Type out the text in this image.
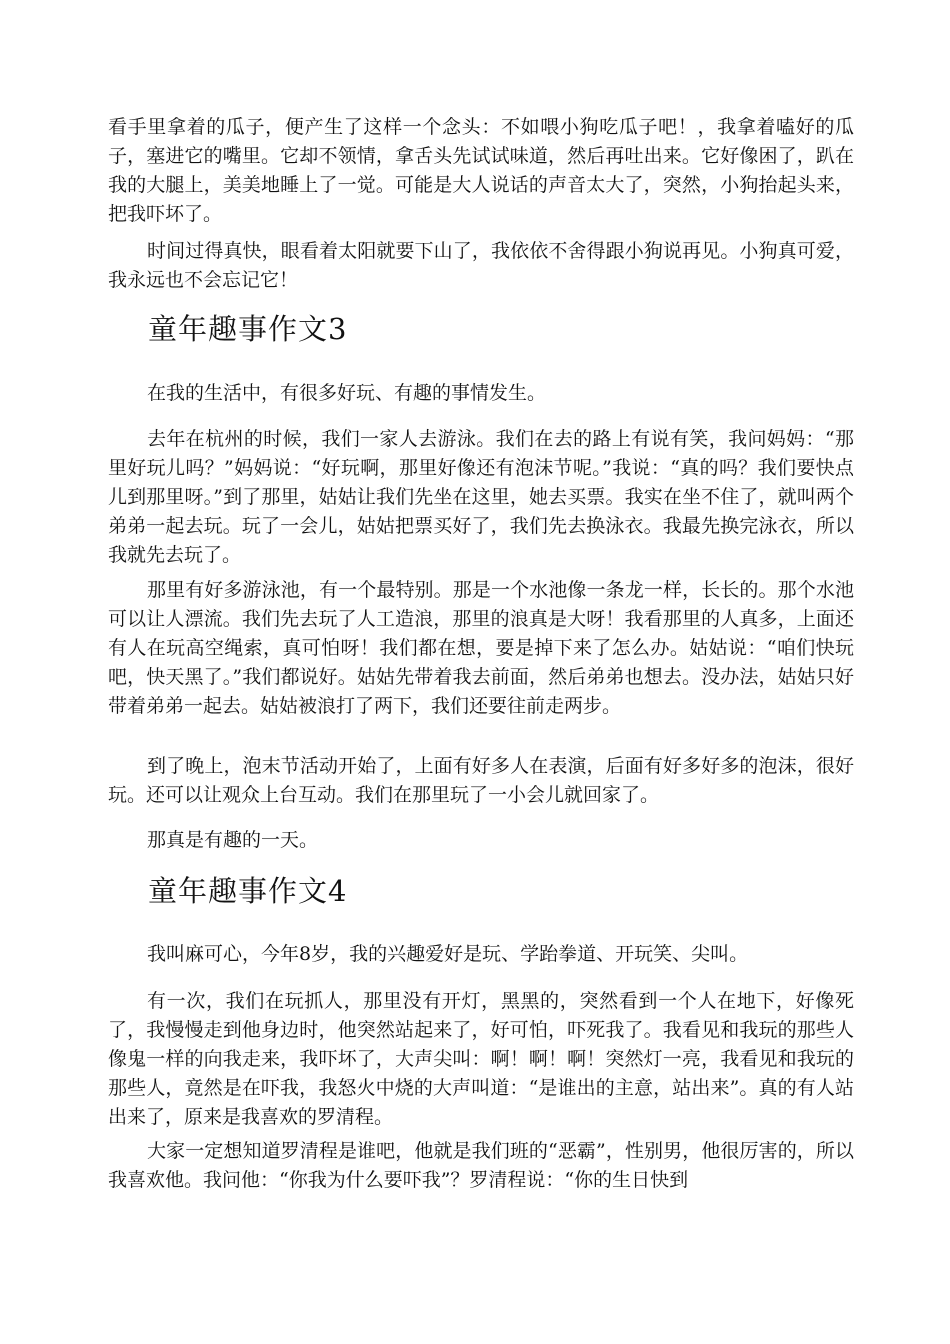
看手里拿着的瓜子，便产生了这样一个念头：不如喂小狗吃瓜子吧！，我拿着嗑好的瓜子，塞进它的嘴里。它却不领情，拿舌头先试试味道，然后再吐出来。它好像困了，趴在我的大腿上，美美地睡上了一觉。可能是大人说话的声音太大了，突然，小狗抬起头来，把我吓坏了。

时间过得真快，眼看着太阳就要下山了，我依依不舍得跟小狗说再见。小狗真可爱，我永远也不会忘记它！

童年趣事作文3

在我的生活中，有很多好玩、有趣的事情发生。

去年在杭州的时候，我们一家人去游泳。我们在去的路上有说有笑，我问妈妈：“那里好玩儿吗？”妈妈说：“好玩啊，那里好像还有泡沫节呢。”我说：“真的吗？我们要快点儿到那里呀。”到了那里，姑姑让我们先坐在这里，她去买票。我实在坐不住了，就叫两个弟弟一起去玩。玩了一会儿，姑姑把票买好了，我们先去换泳衣。我最先换完泳衣，所以我就先去玩了。

那里有好多游泳池，有一个最特别。那是一个水池像一条龙一样，长长的。那个水池可以让人漂流。我们先去玩了人工造浪，那里的浪真是大呀！我看那里的人真多，上面还有人在玩高空绳索，真可怕呀！我们都在想，要是掉下来了怎么办。姑姑说：“咱们快玩吧，快天黑了。”我们都说好。姑姑先带着我去前面，然后弟弟也想去。没办法，姑姑只好带着弟弟一起去。姑姑被浪打了两下，我们还要往前走两步。

到了晚上，泡末节活动开始了，上面有好多人在表演，后面有好多好多的泡沫，很好玩。还可以让观众上台互动。我们在那里玩了一小会儿就回家了。

那真是有趣的一天。

童年趣事作文4

我叫麻可心，今年8岁，我的兴趣爱好是玩、学跆拳道、开玩笑、尖叫。

有一次，我们在玩抓人，那里没有开灯，黑黑的，突然看到一个人在地下，好像死了，我慢慢走到他身边时，他突然站起来了，好可怕，吓死我了。我看见和我玩的那些人像鬼一样的向我走来，我吓坏了，大声尖叫：啊！啊！啊！突然灯一亮，我看见和我玩的那些人，竟然是在吓我，我怒火中烧的大声叫道：“是谁出的主意，站出来”。真的有人站出来了，原来是我喜欢的罗清程。

大家一定想知道罗清程是谁吧，他就是我们班的“恶霸”，性别男，他很厉害的，所以我喜欢他。我问他：“你我为什么要吓我”？罗清程说：“你的生日快到
